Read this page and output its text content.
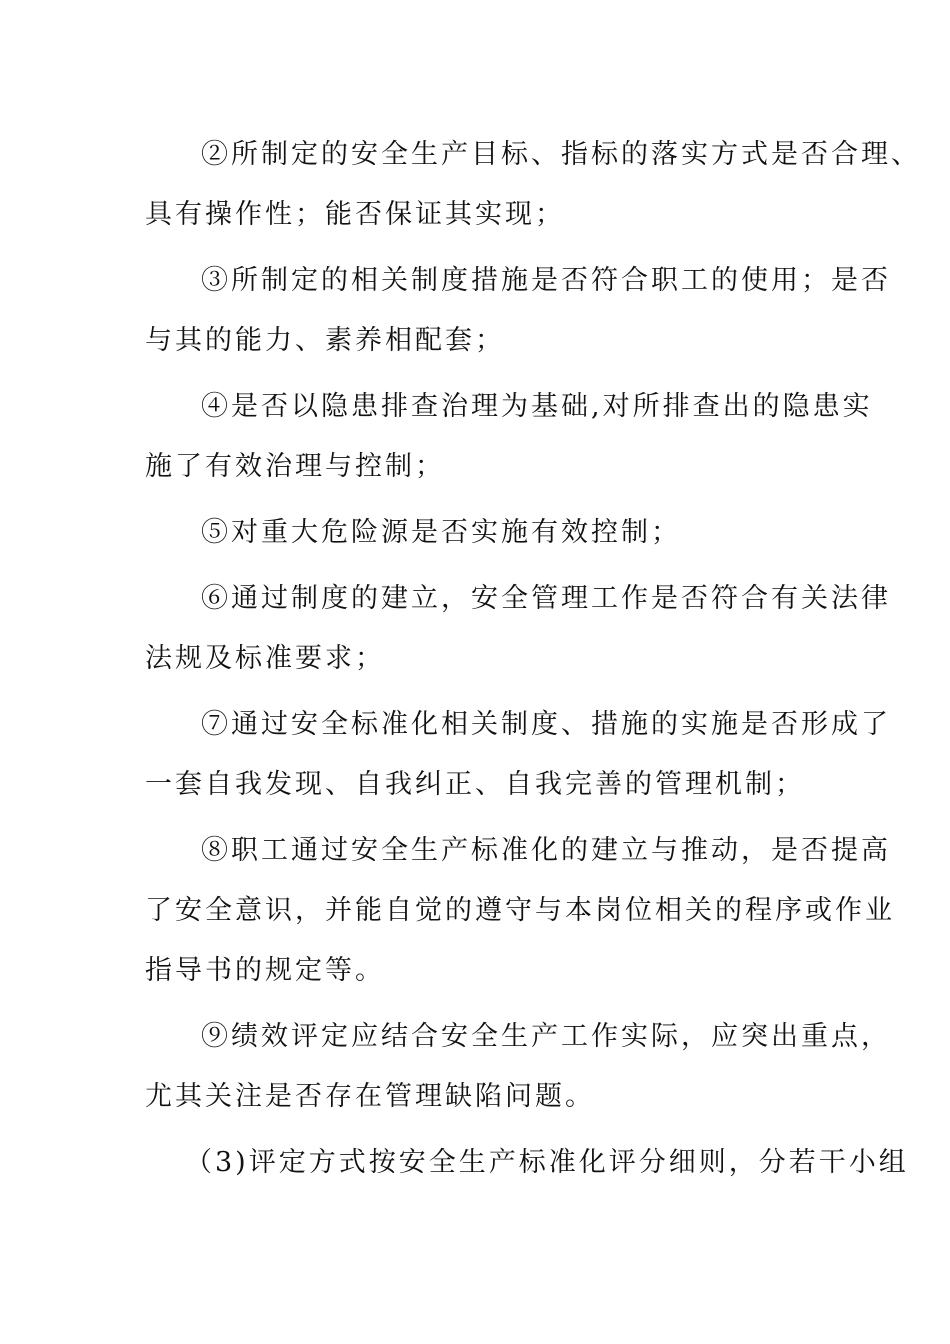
②所制定的安全生产目标、指标的落实方式是否合理、
具有操作性；能否保证其实现；
③所制定的相关制度措施是否符合职工的使用；是否
与其的能力、素养相配套；
④是否以隐患排查治理为基础,对所排查出的隐患实
施了有效治理与控制；
⑤对重大危险源是否实施有效控制；
⑥通过制度的建立，安全管理工作是否符合有关法律
法规及标准要求；
⑦通过安全标准化相关制度、措施的实施是否形成了
一套自我发现、自我纠正、自我完善的管理机制；
⑧职工通过安全生产标准化的建立与推动，是否提高
了安全意识，并能自觉的遵守与本岗位相关的程序或作业
指导书的规定等。
⑨绩效评定应结合安全生产工作实际，应突出重点，
尤其关注是否存在管理缺陷问题。
（3)评定方式按安全生产标准化评分细则，分若干小组
